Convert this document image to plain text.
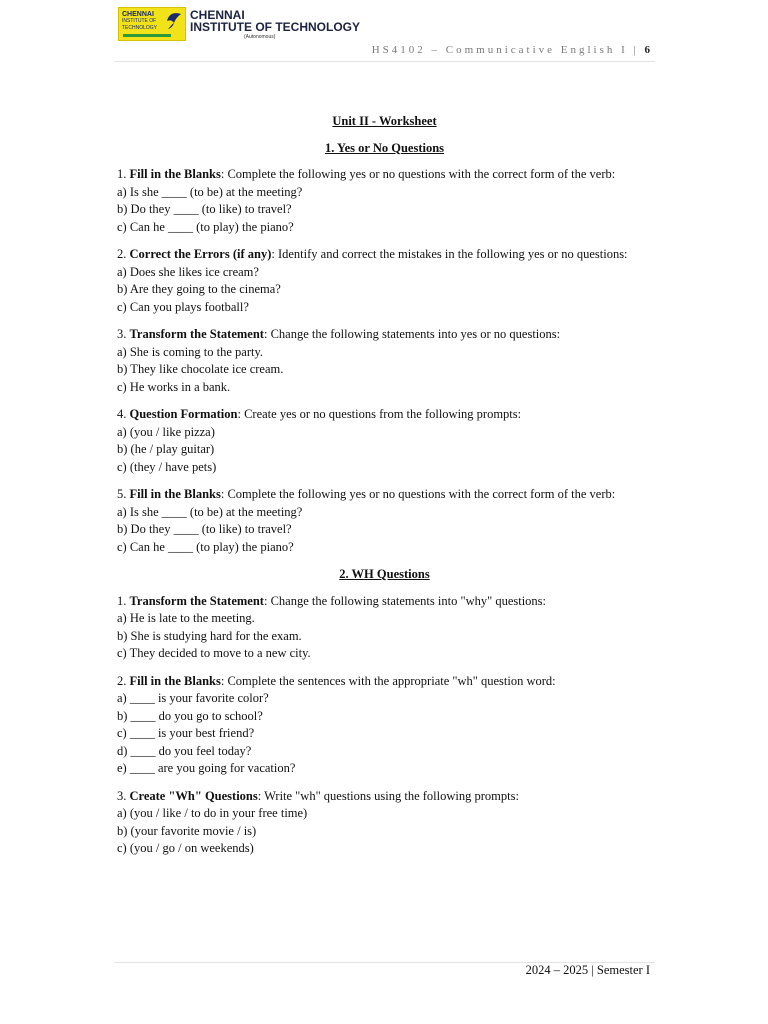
CHENNAI
INSTITUTE OF
TECHNOLOGY
CHENNAI
INSTITUTE OF TECHNOLOGY
(Autonomous)
HS4102 – Communicative English I | 6
Unit II - Worksheet
1. Yes or No Questions

1. Fill in the Blanks: Complete the following yes or no questions with the correct form of the verb:

a) Is she ____ (to be) at the meeting?
b) Do they ____ (to like) to travel?
c) Can he ____ (to play) the piano?

2. Correct the Errors (if any): Identify and correct the mistakes in the following yes or no questions:

a) Does she likes ice cream?
b) Are they going to the cinema?
c) Can you plays football?

3. Transform the Statement: Change the following statements into yes or no questions:

a) She is coming to the party.
b) They like chocolate ice cream.
c) He works in a bank.

4. Question Formation: Create yes or no questions from the following prompts:

a) (you / like pizza)
b) (he / play guitar)
c) (they / have pets)

5. Fill in the Blanks: Complete the following yes or no questions with the correct form of the verb:

a) Is she ____ (to be) at the meeting?
b) Do they ____ (to like) to travel?
c) Can he ____ (to play) the piano?
2. WH Questions

1. Transform the Statement: Change the following statements into "why" questions:

a) He is late to the meeting.
b) She is studying hard for the exam.
c) They decided to move to a new city.

2. Fill in the Blanks: Complete the sentences with the appropriate "wh" question word:

a) ____ is your favorite color?
b) ____ do you go to school?
c) ____ is your best friend?
d) ____ do you feel today?
e) ____ are you going for vacation?

3. Create "Wh" Questions: Write "wh" questions using the following prompts:

a) (you / like / to do in your free time)
b) (your favorite movie / is)
c) (you / go / on weekends)
2024 – 2025 | Semester I
